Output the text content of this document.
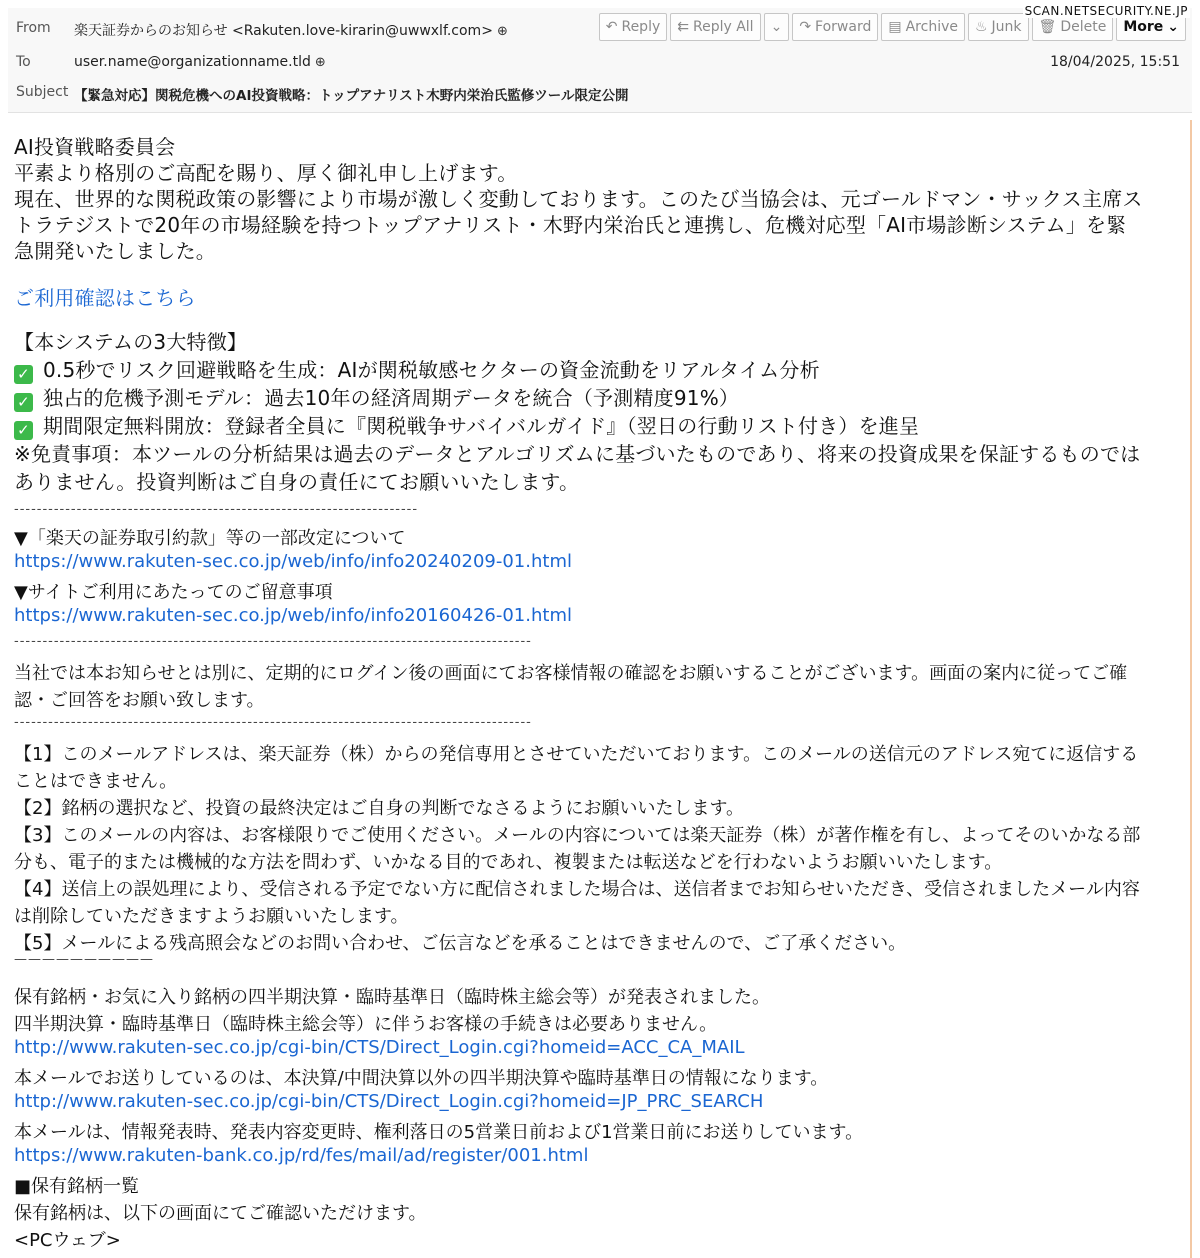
From 楽天証券からのお知らせ <Rakuten.love-kirarin@uwwxlf.com> ⊕
To	user.name@organizationname.tld ⊕
Subject 【緊急対応】関税危機へのAI投資戦略：トップアナリスト木野内栄治氏監修ツール限定公開
18/04/2025, 15:51
↶ Reply ⇇ Reply All ⌄ ↷ Forward ▤ Archive ♨ Junk 🗑 Delete More ⌄
SCAN.NETSECURITY.NE.JP
AI投資戦略委員会
平素より格別のご高配を賜り、厚く御礼申し上げます。
現在、世界的な関税政策の影響により市場が激しく変動しております。このたび当協会は、元ゴールドマン・サックス主席ス
トラテジストで20年の市場経験を持つトップアナリスト・木野内栄治氏と連携し、危機対応型「AI市場診断システム」を緊
急開発いたしました。
ご利用確認はこちら
【本システムの3大特徴】
✓ 0.5秒でリスク回避戦略を生成：AIが関税敏感セクターの資金流動をリアルタイム分析
✓ 独占的危機予測モデル：過去10年の経済周期データを統合（予測精度91%）
✓ 期間限定無料開放：登録者全員に『関税戦争サバイバルガイド』（翌日の行動リスト付き）を進呈
※免責事項：本ツールの分析結果は過去のデータとアルゴリズムに基づいたものであり、将来の投資成果を保証するものでは
ありません。投資判断はご自身の責任にてお願いいたします。
-----------------------------------------------------------------------
▼「楽天の証券取引約款」等の一部改定について
https://www.rakuten-sec.co.jp/web/info/info20240209-01.html
▼サイトご利用にあたってのご留意事項
https://www.rakuten-sec.co.jp/web/info/info20160426-01.html
-------------------------------------------------------------------------------------------
当社では本お知らせとは別に、定期的にログイン後の画面にてお客様情報の確認をお願いすることがございます。画面の案内に従ってご確
認・ご回答をお願い致します。
-------------------------------------------------------------------------------------------
【1】このメールアドレスは、楽天証券（株）からの発信専用とさせていただいております。このメールの送信元のアドレス宛てに返信する
ことはできません。
【2】銘柄の選択など、投資の最終決定はご自身の判断でなさるようにお願いいたします。
【3】このメールの内容は、お客様限りでご使用ください。メールの内容については楽天証券（株）が著作権を有し、よってそのいかなる部
分も、電子的または機械的な方法を問わず、いかなる目的であれ、複製または転送などを行わないようお願いいたします。
【4】送信上の誤処理により、受信される予定でない方に配信されました場合は、送信者までお知らせいただき、受信されましたメール内容
は削除していただきますようお願いいたします。
【5】メールによる残高照会などのお問い合わせ、ご伝言などを承ることはできませんので、ご了承ください。
——————————
保有銘柄・お気に入り銘柄の四半期決算・臨時基準日（臨時株主総会等）が発表されました。
四半期決算・臨時基準日（臨時株主総会等）に伴うお客様の手続きは必要ありません。
http://www.rakuten-sec.co.jp/cgi-bin/CTS/Direct_Login.cgi?homeid=ACC_CA_MAIL
本メールでお送りしているのは、本決算/中間決算以外の四半期決算や臨時基準日の情報になります。
http://www.rakuten-sec.co.jp/cgi-bin/CTS/Direct_Login.cgi?homeid=JP_PRC_SEARCH
本メールは、情報発表時、発表内容変更時、権利落日の5営業日前および1営業日前にお送りしています。
https://www.rakuten-bank.co.jp/rd/fes/mail/ad/register/001.html
■保有銘柄一覧
保有銘柄は、以下の画面にてご確認いただけます。
<PCウェブ>
